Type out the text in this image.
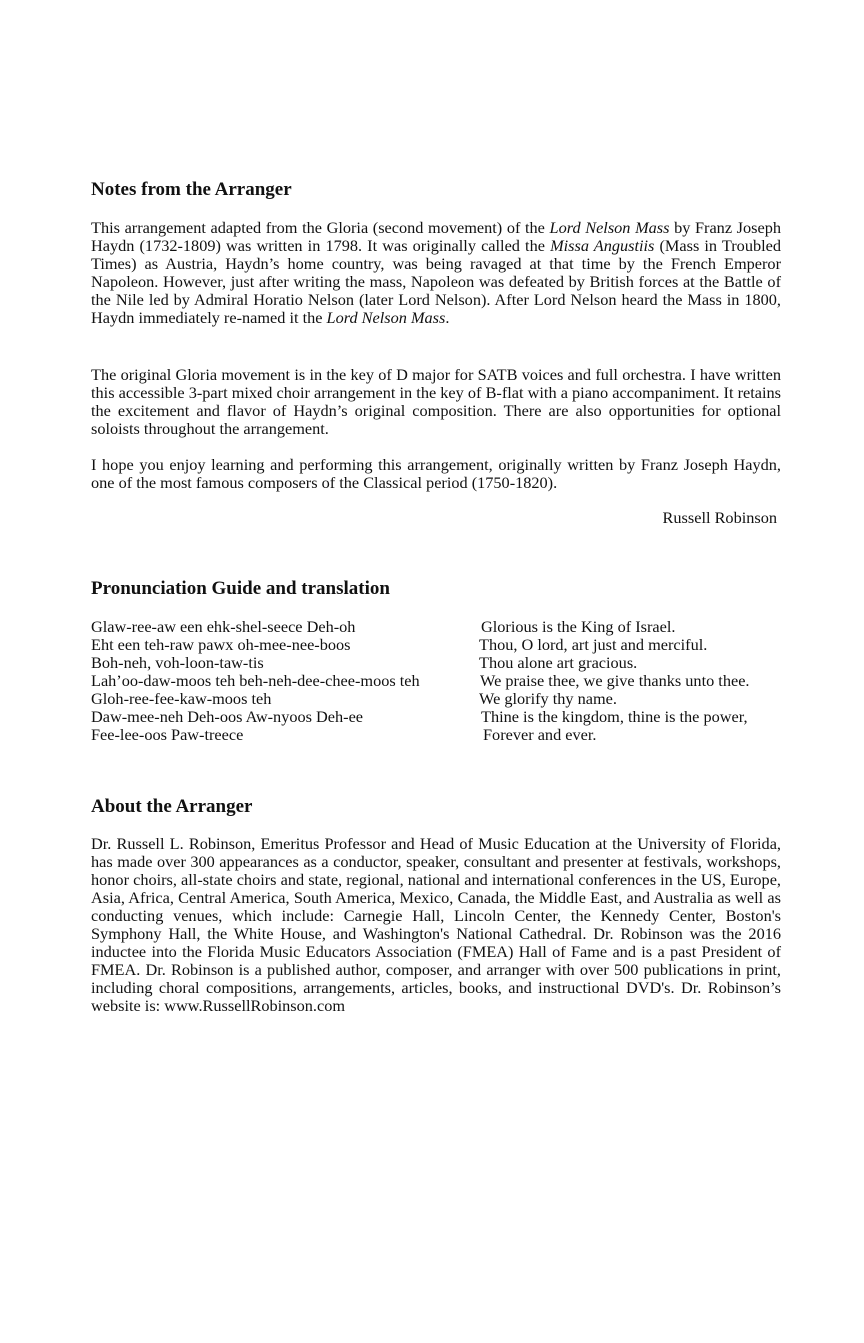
Notes from the Arranger

This arrangement adapted from the Gloria (second movement) of the Lord Nelson Mass by Franz Joseph Haydn (1732-1809) was written in 1798. It was originally called the Missa Angustiis (Mass in Troubled Times) as Austria, Haydn’s home country, was being ravaged at that time by the French Emperor Napoleon. However, just after writing the mass, Napoleon was defeated by British forces at the Battle of the Nile led by Admiral Horatio Nelson (later Lord Nelson). After Lord Nelson heard the Mass in 1800, Haydn immediately re-named it the Lord Nelson Mass.

The original Gloria movement is in the key of D major for SATB voices and full orchestra. I have written this accessible 3-part mixed choir arrangement in the key of B-flat with a piano accompaniment. It retains the excitement and flavor of Haydn’s original composition. There are also opportunities for optional soloists throughout the arrangement.

I hope you enjoy learning and performing this arrangement, originally written by Franz Joseph Haydn, one of the most famous composers of the Classical period (1750-1820).

Russell Robinson
Pronunciation Guide and translation
Glaw-ree-aw een ehk-shel-seece Deh-oh	Glorious is the King of Israel.
Eht een teh-raw pawx oh-mee-nee-boos	Thou, O lord, art just and merciful.
Boh-neh, voh-loon-taw-tis	Thou alone art gracious.
Lah’oo-daw-moos teh beh-neh-dee-chee-moos teh	We praise thee, we give thanks unto thee.
Gloh-ree-fee-kaw-moos teh	We glorify thy name.
Daw-mee-neh Deh-oos Aw-nyoos Deh-ee	Thine is the kingdom, thine is the power,
Fee-lee-oos Paw-treece	Forever and ever.
About the Arranger

Dr. Russell L. Robinson, Emeritus Professor and Head of Music Education at the University of Florida, has made over 300 appearances as a conductor, speaker, consultant and presenter at festivals, workshops, honor choirs, all-state choirs and state, regional, national and international conferences in the US, Europe, Asia, Africa, Central America, South America, Mexico, Canada, the Middle East, and Australia as well as conducting venues, which include: Carnegie Hall, Lincoln Center, the Kennedy Center, Boston's Symphony Hall, the White House, and Washington's National Cathedral. Dr. Robinson was the 2016 inductee into the Florida Music Educators Association (FMEA) Hall of Fame and is a past President of FMEA. Dr. Robinson is a published author, composer, and arranger with over 500 publications in print, including choral compositions, arrangements, articles, books, and instructional DVD's. Dr. Robinson’s website is: www.RussellRobinson.com
